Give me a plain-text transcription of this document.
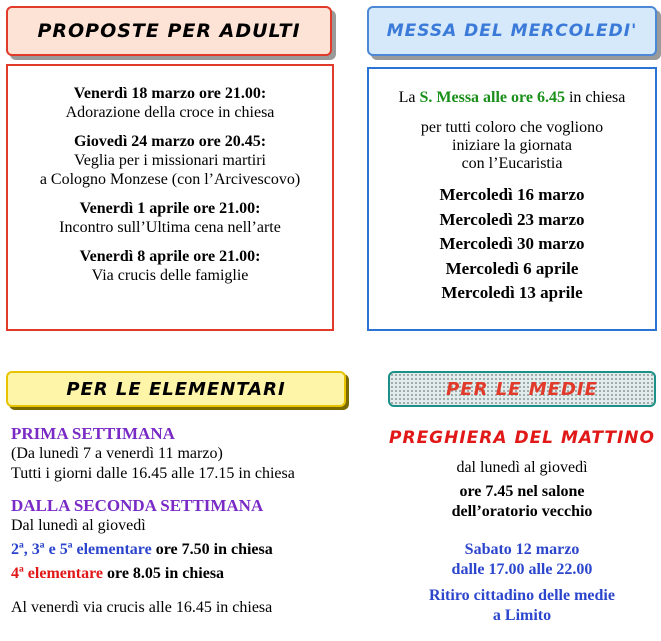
PROPOSTE PER ADULTI
Venerdì 18 marzo ore 21.00:
Adorazione della croce in chiesa
Giovedì 24 marzo ore 20.45:
Veglia per i missionari martiri
a Cologno Monzese (con l’Arcivescovo)
Venerdì 1 aprile ore 21.00:
Incontro sull’Ultima cena nell’arte
Venerdì 8 aprile ore 21.00:
Via crucis delle famiglie
MESSA DEL MERCOLEDI'
La S. Messa alle ore 6.45 in chiesa
per tutti coloro che vogliono
iniziare la giornata
con l’Eucaristia
Mercoledì 16 marzo
Mercoledì 23 marzo
Mercoledì 30 marzo
Mercoledì 6 aprile
Mercoledì 13 aprile
PER LE ELEMENTARI
PRIMA SETTIMANA
(Da lunedì 7 a venerdì 11 marzo)
Tutti i giorni dalle 16.45 alle 17.15 in chiesa
DALLA SECONDA SETTIMANA
Dal lunedì al giovedì
2ª, 3ª e 5ª elementare ore 7.50 in chiesa
4ª elementare ore 8.05 in chiesa
Al venerdì via crucis alle 16.45 in chiesa
PER LE MEDIE
PREGHIERA DEL MATTINO
dal lunedì al giovedì
ore 7.45 nel salone
dell’oratorio vecchio
Sabato 12 marzo
dalle 17.00 alle 22.00
Ritiro cittadino delle medie
a Limito
